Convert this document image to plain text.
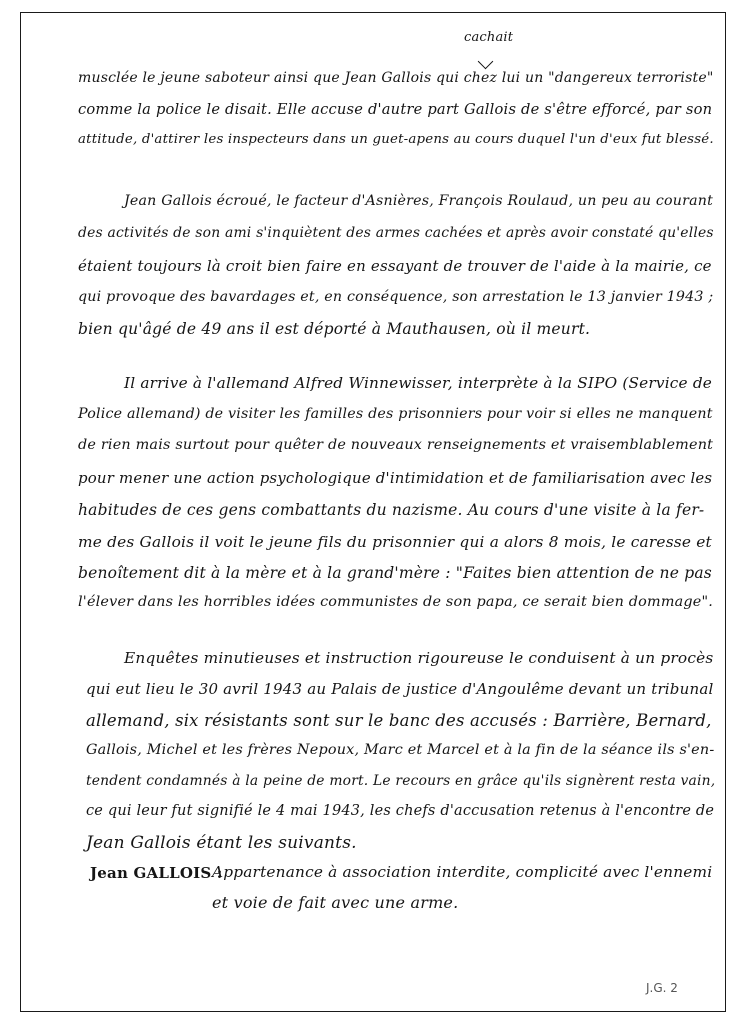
cachait
musclée le jeune saboteur ainsi que Jean Gallois qui chez lui un "dangereux terroriste"
comme la police le disait. Elle accuse d'autre part Gallois de s'être efforcé, par son
attitude, d'attirer les inspecteurs dans un guet-apens au cours duquel l'un d'eux fut blessé.
Jean Gallois écroué, le facteur d'Asnières, François Roulaud, un peu au courant
des activités de son ami s'inquiètent des armes cachées et après avoir constaté qu'elles
étaient toujours là croit bien faire en essayant de trouver de l'aide à la mairie, ce
qui provoque des bavardages et, en conséquence, son arrestation le 13 janvier 1943 ;
bien qu'âgé de 49 ans il est déporté à Mauthausen, où il meurt.
Il arrive à l'allemand Alfred Winnewisser, interprète à la SIPO (Service de
Police allemand) de visiter les familles des prisonniers pour voir si elles ne manquent
de rien mais surtout pour quêter de nouveaux renseignements et vraisemblablement
pour mener une action psychologique d'intimidation et de familiarisation avec les
habitudes de ces gens combattants du nazisme. Au cours d'une visite à la fer-
me des Gallois il voit le jeune fils du prisonnier qui a alors 8 mois, le caresse et
benoîtement dit à la mère et à la grand'mère : "Faites bien attention de ne pas
l'élever dans les horribles idées communistes de son papa, ce serait bien dommage".
Enquêtes minutieuses et instruction rigoureuse le conduisent à un procès
qui eut lieu le 30 avril 1943 au Palais de justice d'Angoulême devant un tribunal
allemand, six résistants sont sur le banc des accusés : Barrière, Bernard,
Gallois, Michel et les frères Nepoux, Marc et Marcel et à la fin de la séance ils s'en-
tendent condamnés à la peine de mort. Le recours en grâce qu'ils signèrent resta vain,
ce qui leur fut signifié le 4 mai 1943, les chefs d'accusation retenus à l'encontre de
Jean Gallois étant les suivants.
Jean GALLOIS :
Appartenance à association interdite, complicité avec l'ennemi
et voie de fait avec une arme.
J.G. 2
